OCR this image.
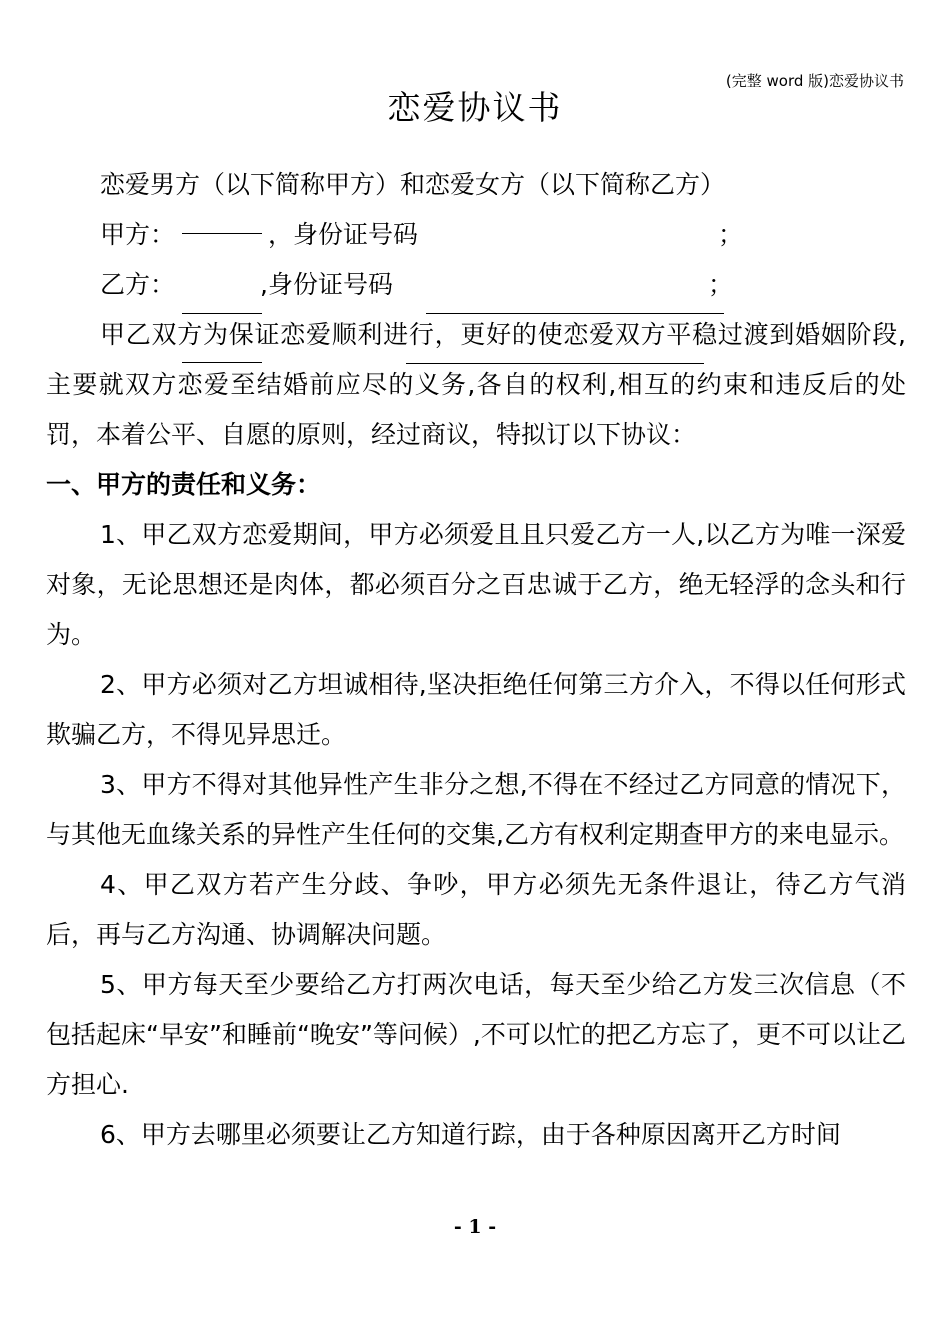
(完整 word 版)恋爱协议书
恋爱协议书

恋爱男方（以下简称甲方）和恋爱女方（以下简称乙方）

甲方：	，身份证号码	；
乙方：	,身份证号码	；

甲乙双方为保证恋爱顺利进行，更好的使恋爱双方平稳过渡到婚姻阶段,主要就双方恋爱至结婚前应尽的义务,各自的权利,相互的约束和违反后的处罚，本着公平、自愿的原则，经过商议，特拟订以下协议：

一、甲方的责任和义务：

1、甲乙双方恋爱期间，甲方必须爱且且只爱乙方一人,以乙方为唯一深爱对象，无论思想还是肉体，都必须百分之百忠诚于乙方，绝无轻浮的念头和行为。

2、甲方必须对乙方坦诚相待,坚决拒绝任何第三方介入，不得以任何形式欺骗乙方，不得见异思迁。

3、甲方不得对其他异性产生非分之想,不得在不经过乙方同意的情况下，与其他无血缘关系的异性产生任何的交集,乙方有权利定期查甲方的来电显示。

4、甲乙双方若产生分歧、争吵，甲方必须先无条件退让，待乙方气消后，再与乙方沟通、协调解决问题。

5、甲方每天至少要给乙方打两次电话，每天至少给乙方发三次信息（不包括起床“早安”和睡前“晚安”等问候）,不可以忙的把乙方忘了，更不可以让乙方担心.

6、甲方去哪里必须要让乙方知道行踪，由于各种原因离开乙方时间

- 1 -
